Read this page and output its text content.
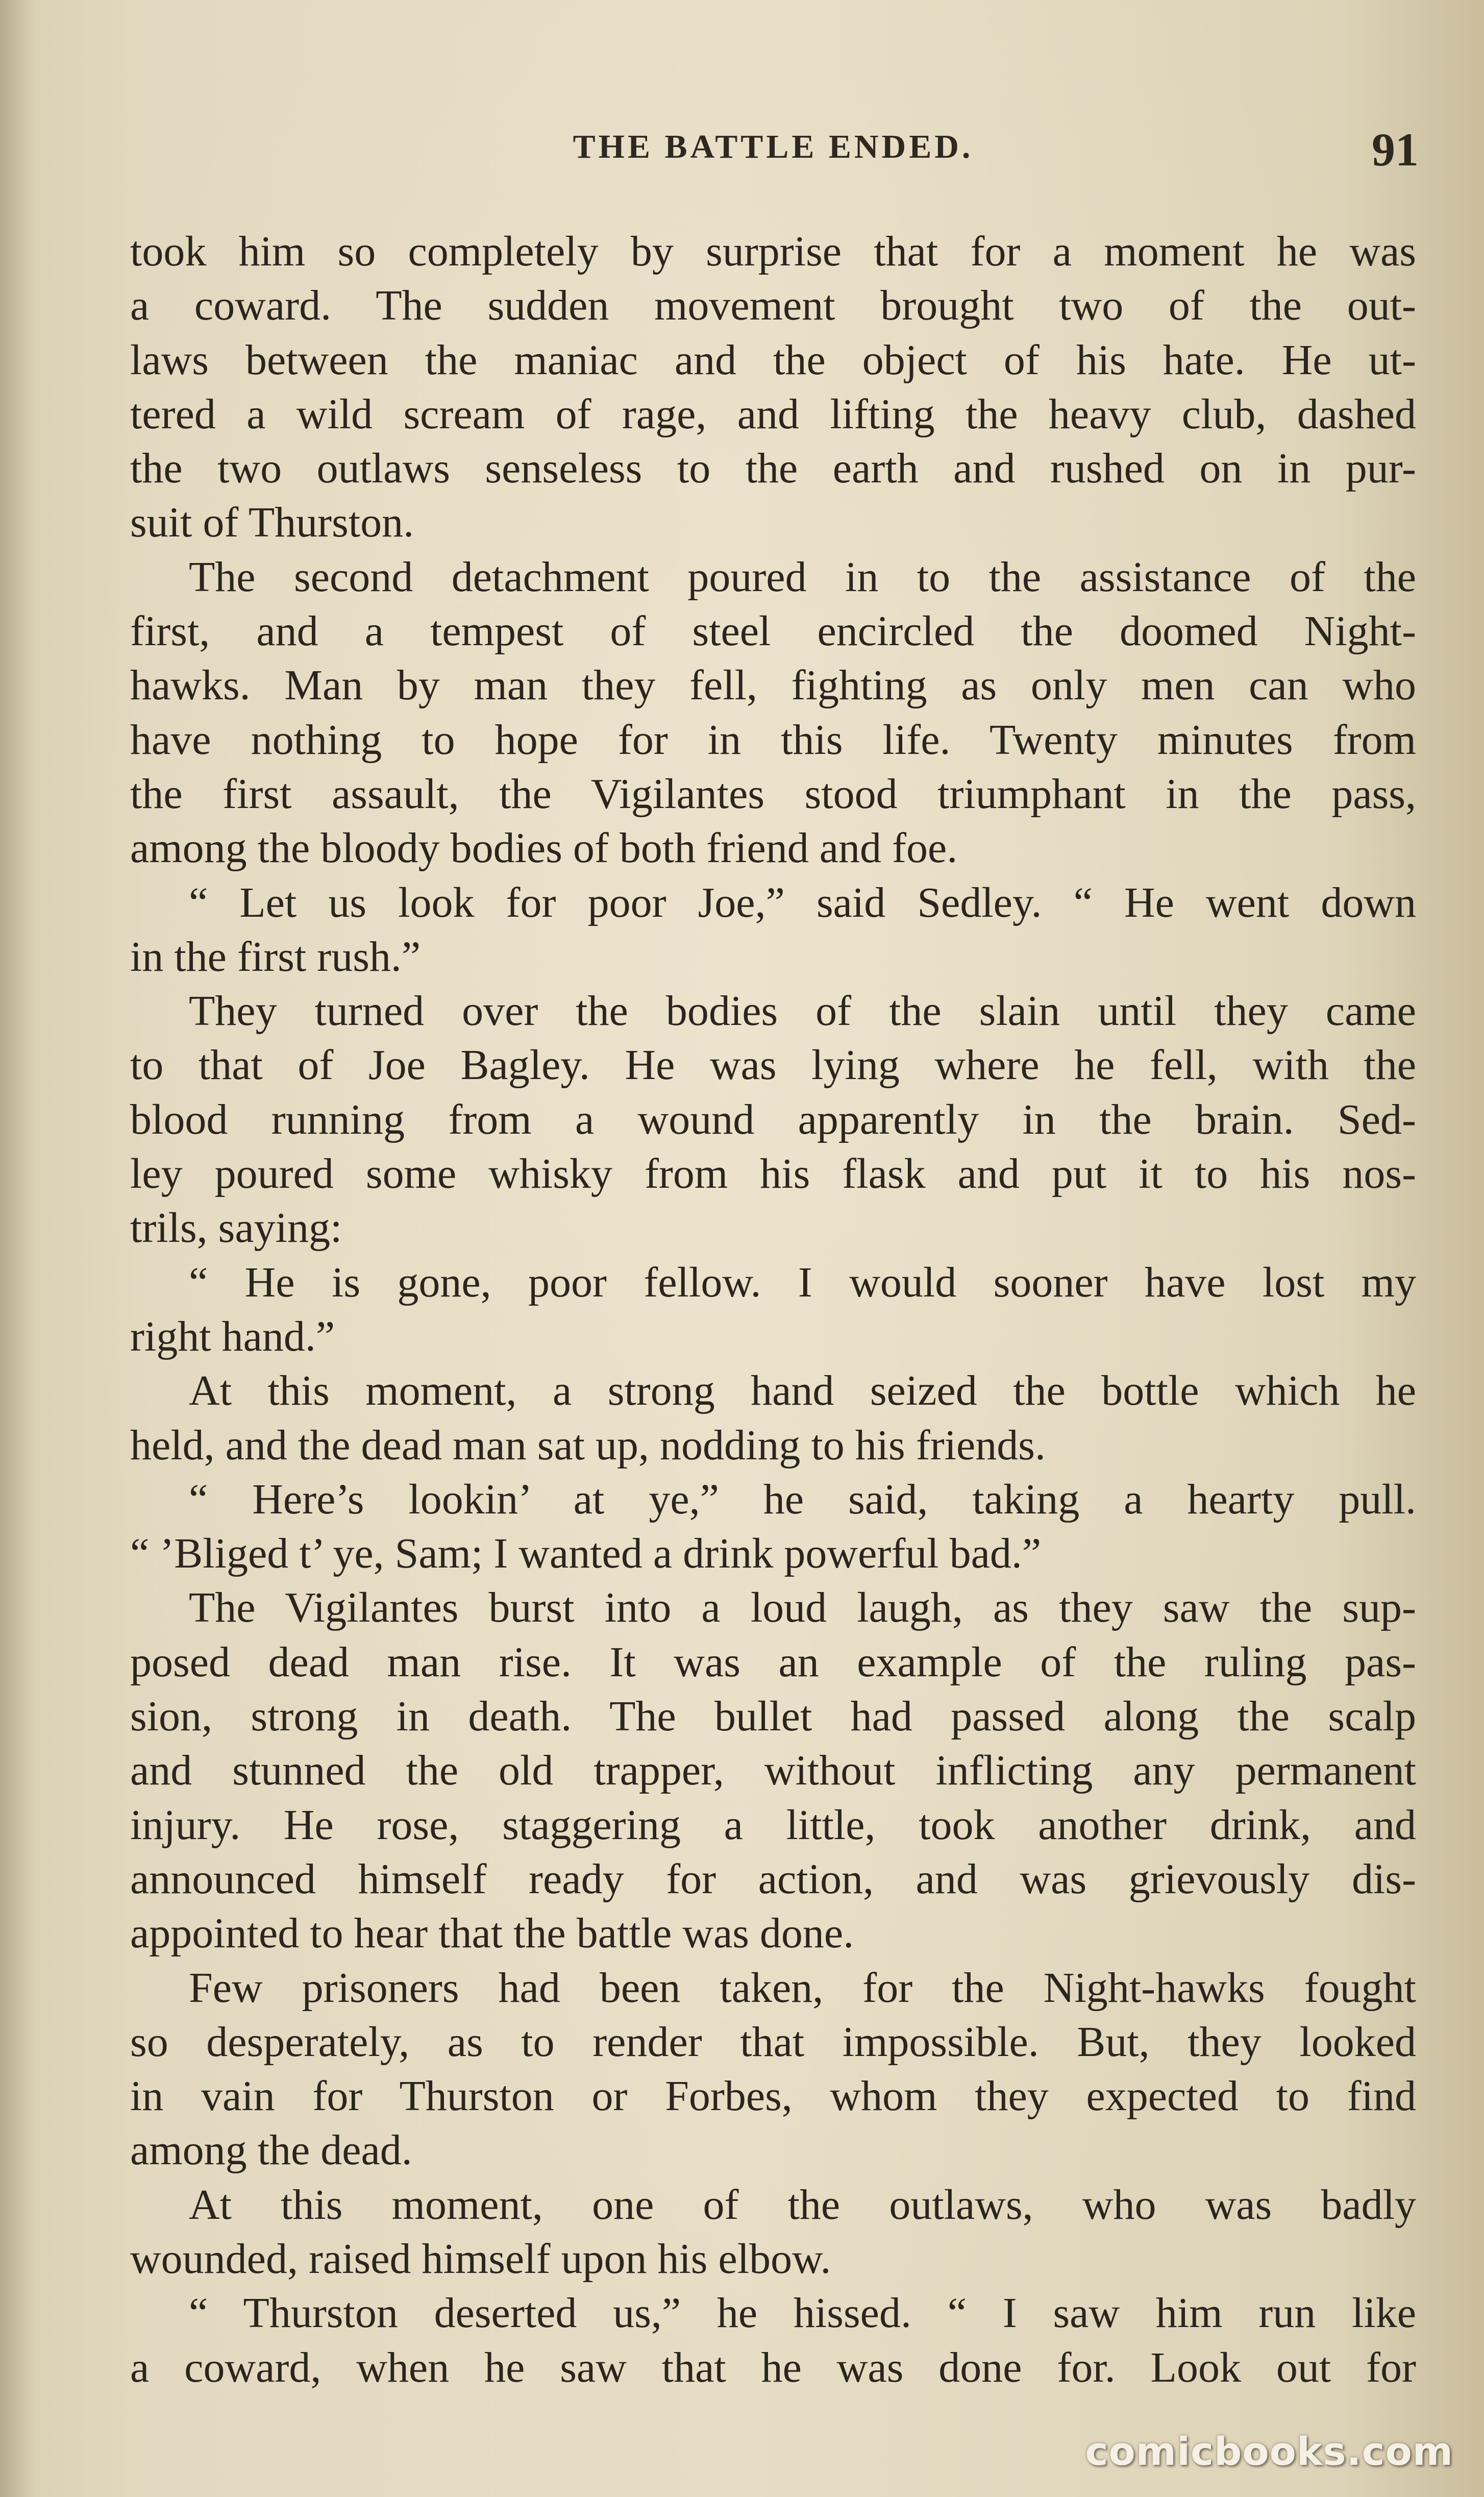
THE BATTLE ENDED.	91
took him so completely by surprise that for a moment he was
a coward. The sudden movement brought two of the out-
laws between the maniac and the object of his hate. He ut-
tered a wild scream of rage, and lifting the heavy club, dashed
the two outlaws senseless to the earth and rushed on in pur-
suit of Thurston.
The second detachment poured in to the assistance of the
first, and a tempest of steel encircled the doomed Night-
hawks. Man by man they fell, fighting as only men can who
have nothing to hope for in this life. Twenty minutes from
the first assault, the Vigilantes stood triumphant in the pass,
among the bloody bodies of both friend and foe.
“ Let us look for poor Joe,” said Sedley. “ He went down
in the first rush.”
They turned over the bodies of the slain until they came
to that of Joe Bagley. He was lying where he fell, with the
blood running from a wound apparently in the brain. Sed-
ley poured some whisky from his flask and put it to his nos-
trils, saying:
“ He is gone, poor fellow. I would sooner have lost my
right hand.”
At this moment, a strong hand seized the bottle which he
held, and the dead man sat up, nodding to his friends.
“ Here’s lookin’ at ye,” he said, taking a hearty pull.
“ ’Bliged t’ ye, Sam; I wanted a drink powerful bad.”
The Vigilantes burst into a loud laugh, as they saw the sup-
posed dead man rise. It was an example of the ruling pas-
sion, strong in death. The bullet had passed along the scalp
and stunned the old trapper, without inflicting any permanent
injury. He rose, staggering a little, took another drink, and
announced himself ready for action, and was grievously dis-
appointed to hear that the battle was done.
Few prisoners had been taken, for the Night-hawks fought
so desperately, as to render that impossible. But, they looked
in vain for Thurston or Forbes, whom they expected to find
among the dead.
At this moment, one of the outlaws, who was badly
wounded, raised himself upon his elbow.
“ Thurston deserted us,” he hissed. “ I saw him run like
a coward, when he saw that he was done for. Look out for
comicbooks.com
